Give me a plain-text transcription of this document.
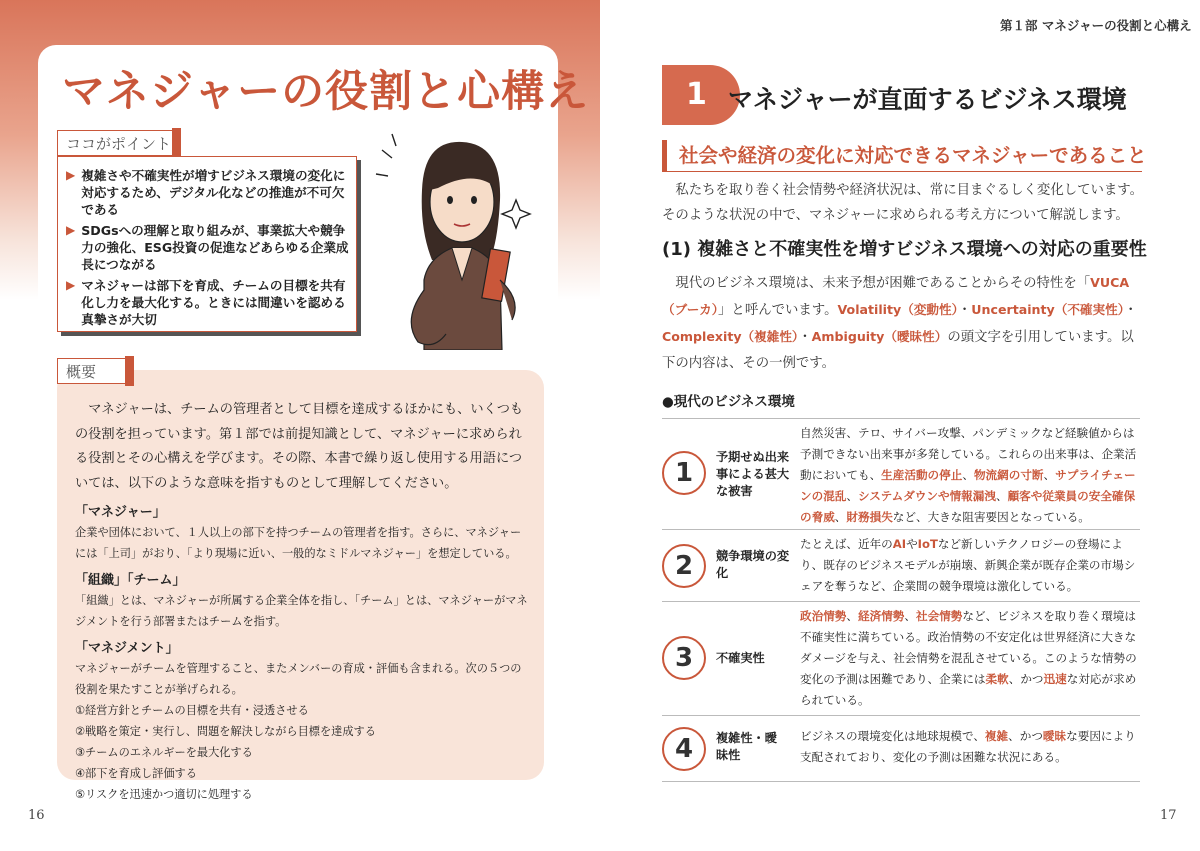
マネジャーの役割と心構え
ココがポイント
▶ 複雑さや不確実性が増すビジネス環境の変化に対応するため、デジタル化などの推進が不可欠である
▶ SDGsへの理解と取り組みが、事業拡大や競争力の強化、ESG投資の促進などあらゆる企業成長につながる
▶ マネジャーは部下を育成、チームの目標を共有化し力を最大化する。ときには間違いを認める真摯さが大切
マネジャーは、チームの管理者として目標を達成するほかにも、いくつもの役割を担っています。第１部では前提知識として、マネジャーに求められる役割とその心構えを学びます。その際、本書で繰り返し使用する用語については、以下のような意味を指すものとして理解してください。
「マネジャー」
企業や団体において、１人以上の部下を持つチームの管理者を指す。さらに、マネジャーには「上司」がおり、「より現場に近い、一般的なミドルマネジャー」を想定している。
「組織」「チーム」
「組織」とは、マネジャーが所属する企業全体を指し、「チーム」とは、マネジャーがマネジメントを行う部署またはチームを指す。
「マネジメント」
マネジャーがチームを管理すること、またメンバーの育成・評価も含まれる。次の５つの役割を果たすことが挙げられる。
①経営方針とチームの目標を共有・浸透させる
②戦略を策定・実行し、問題を解決しながら目標を達成する
③チームのエネルギーを最大化する
④部下を育成し評価する
⑤リスクを迅速かつ適切に処理する
概要
16
第１部 マネジャーの役割と心構え
1 マネジャーが直面するビジネス環境
社会や経済の変化に対応できるマネジャーであること
私たちを取り巻く社会情勢や経済状況は、常に目まぐるしく変化しています。そのような状況の中で、マネジャーに求められる考え方について解説します。
(1) 複雑さと不確実性を増すビジネス環境への対応の重要性
現代のビジネス環境は、未来予想が困難であることからその特性を「VUCA（ブーカ）」と呼んでいます。Volatility（変動性）・Uncertainty（不確実性）・Complexity（複雑性）・Ambiguity（曖昧性）の頭文字を引用しています。以下の内容は、その一例です。
●現代のビジネス環境
1
予期せぬ出来事による甚大な被害
自然災害、テロ、サイバー攻撃、パンデミックなど経験値からは予測できない出来事が多発している。これらの出来事は、企業活動においても、生産活動の停止、物流網の寸断、サプライチェーンの混乱、システムダウンや情報漏洩、顧客や従業員の安全確保の脅威、財務損失など、大きな阻害要因となっている。
2	競争環境の変化
たとえば、近年のAIやIoTなど新しいテクノロジーの登場により、既存のビジネスモデルが崩壊、新興企業が既存企業の市場シェアを奪うなど、企業間の競争環境は激化している。
3	不確実性
政治情勢、経済情勢、社会情勢など、ビジネスを取り巻く環境は不確実性に満ちている。政治情勢の不安定化は世界経済に大きなダメージを与え、社会情勢を混乱させている。このような情勢の変化の予測は困難であり、企業には柔軟、かつ迅速な対応が求められている。
4	複雑性・曖昧性
ビジネスの環境変化は地球規模で、複雑、かつ曖昧な要因により支配されており、変化の予測は困難な状況にある。
17
